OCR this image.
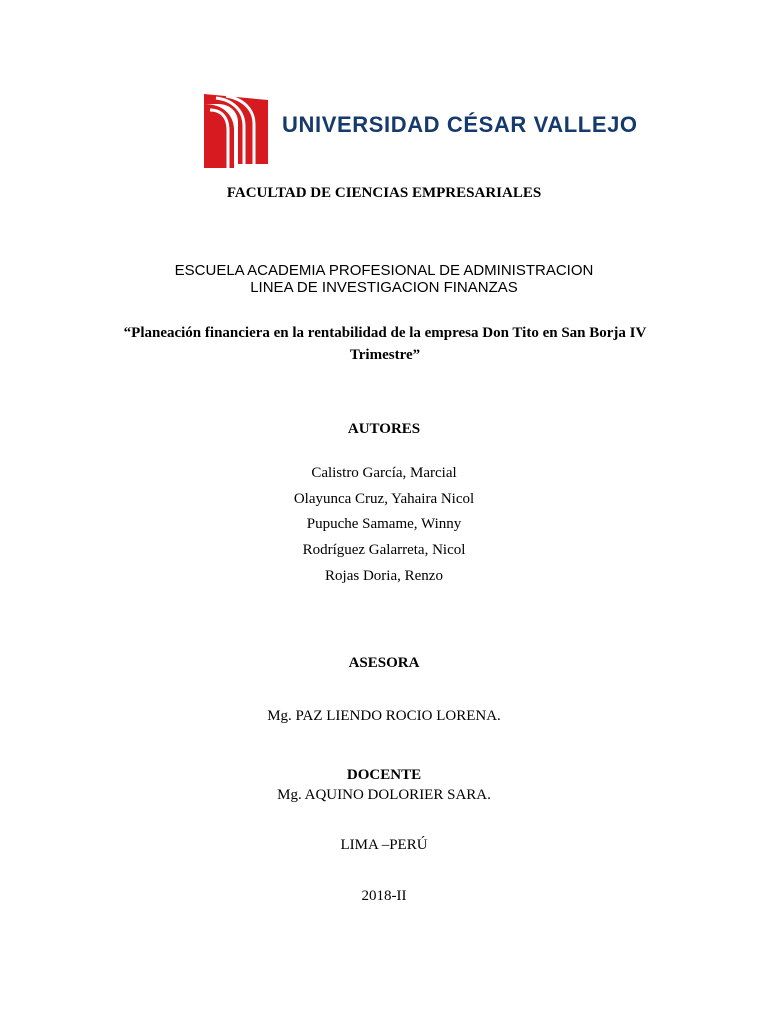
UNIVERSIDAD CÉSAR VALLEJO
FACULTAD DE CIENCIAS EMPRESARIALES
ESCUELA ACADEMIA PROFESIONAL DE ADMINISTRACION
LINEA DE INVESTIGACION FINANZAS
“Planeación financiera en la rentabilidad de la empresa Don Tito en San Borja IV Trimestre”
AUTORES
Calistro García, Marcial
Olayunca Cruz, Yahaira Nicol
Pupuche Samame, Winny
Rodríguez Galarreta, Nicol
Rojas Doria, Renzo
ASESORA
Mg. PAZ LIENDO ROCIO LORENA.
DOCENTE
Mg. AQUINO DOLORIER SARA.
LIMA –PERÚ
2018-II
